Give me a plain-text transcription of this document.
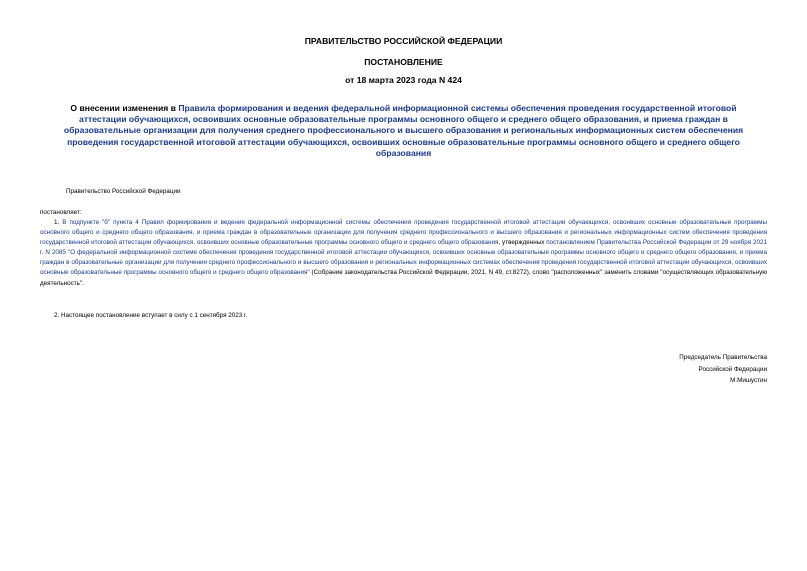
ПРАВИТЕЛЬСТВО РОССИЙСКОЙ ФЕДЕРАЦИИ
ПОСТАНОВЛЕНИЕ
от 18 марта 2023 года N 424
О внесении изменения в Правила формирования и ведения федеральной информационной системы обеспечения проведения государственной итоговой аттестации обучающихся, освоивших основные образовательные программы основного общего и среднего общего образования, и приема граждан в образовательные организации для получения среднего профессионального и высшего образования и региональных информационных систем обеспечения проведения государственной итоговой аттестации обучающихся, освоивших основные образовательные программы основного общего и среднего общего образования
Правительство Российской Федерации
постановляет:
1. В подпункте "б" пункта 4 Правил формирования и ведения федеральной информационной системы обеспечения проведения государственной итоговой аттестации обучающихся, освоивших основные образовательные программы основного общего и среднего общего образования, и приема граждан в образовательные организации для получения среднего профессионального и высшего образования и региональных информационных систем обеспечения проведения государственной итоговой аттестации обучающихся, освоивших основные образовательные программы основного общего и среднего общего образования, утвержденных постановлением Правительства Российской Федерации от 29 ноября 2021 г. N 2085 "О федеральной информационной системе обеспечения проведения государственной итоговой аттестации обучающихся, освоивших основные образовательные программы основного общего и среднего общего образования, и приема граждан в образовательные организации для получения среднего профессионального и высшего образования и региональных информационных системах обеспечения проведения государственной итоговой аттестации обучающихся, освоивших основные образовательные программы основного общего и среднего общего образования" (Собрание законодательства Российской Федерации, 2021, N 49, ст.8272), слово "расположенных" заменить словами "осуществляющих образовательную деятельность".
2. Настоящее постановление вступает в силу с 1 сентября 2023 г.
Председатель Правительства
Российской Федерации
М.Мишустин
